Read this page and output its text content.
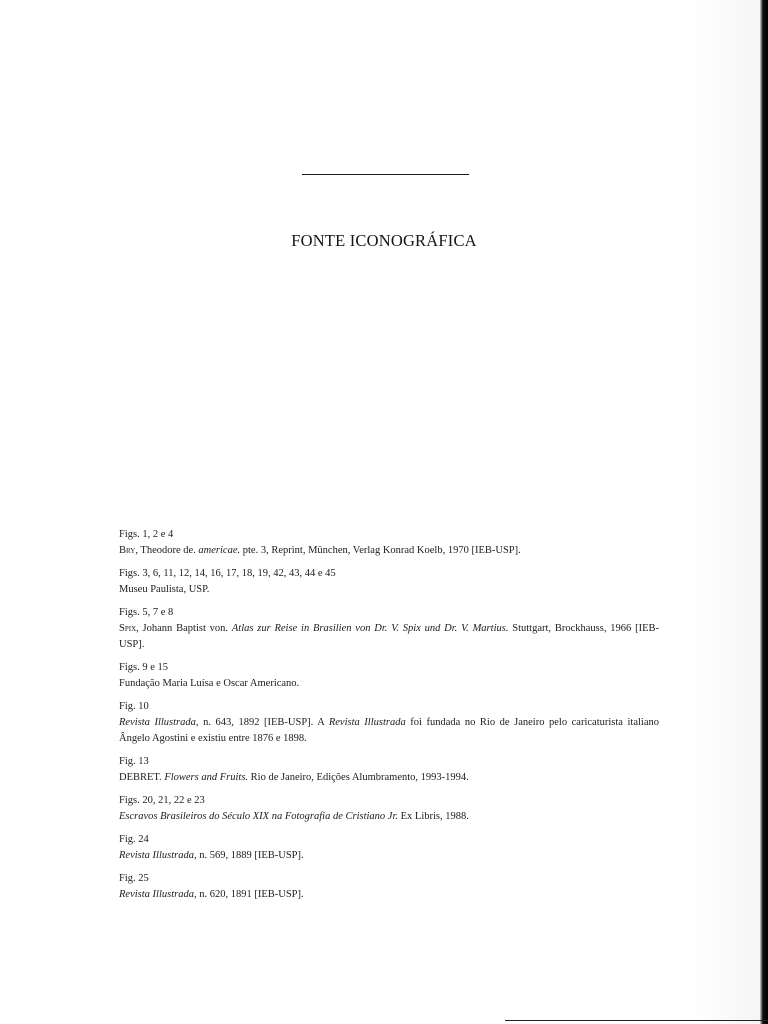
FONTE ICONOGRÁFICA
Figs. 1, 2 e 4
Bry, Theodore de. americae. pte. 3, Reprint, München, Verlag Konrad Koelb, 1970 [IEB-USP].
Figs. 3, 6, 11, 12, 14, 16, 17, 18, 19, 42, 43, 44 e 45
Museu Paulista, USP.
Figs. 5, 7 e 8
Spix, Johann Baptist von. Atlas zur Reise in Brasilien von Dr. V. Spix und Dr. V. Martius. Stuttgart, Brockhauss, 1966 [IEB-USP].
Figs. 9 e 15
Fundação Maria Luísa e Oscar Americano.
Fig. 10
Revista Illustrada, n. 643, 1892 [IEB-USP]. A Revista Illustrada foi fundada no Rio de Janeiro pelo caricaturista italiano Ângelo Agostini e existiu entre 1876 e 1898.
Fig. 13
DEBRET. Flowers and Fruits. Rio de Janeiro, Edições Alumbramento, 1993-1994.
Figs. 20, 21, 22 e 23
Escravos Brasileiros do Século XIX na Fotografia de Cristiano Jr. Ex Libris, 1988.
Fig. 24
Revista Illustrada, n. 569, 1889 [IEB-USP].
Fig. 25
Revista Illustrada, n. 620, 1891 [IEB-USP].
